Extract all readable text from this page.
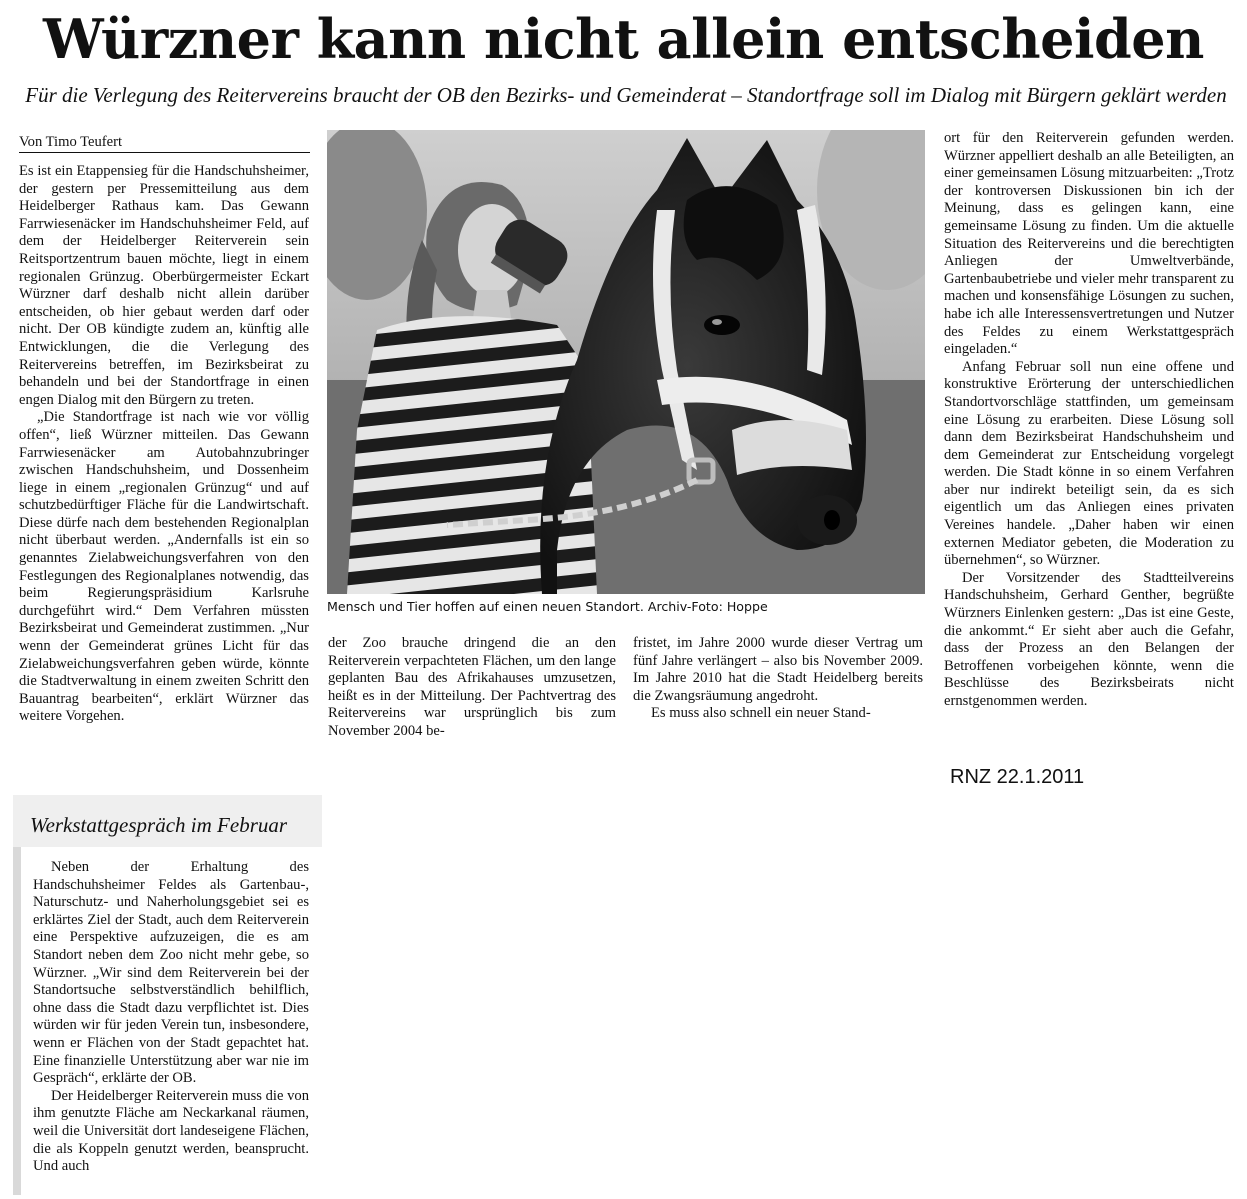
Würzner kann nicht allein entscheiden
Für die Verlegung des Reitervereins braucht der OB den Bezirks- und Gemeinderat – Standortfrage soll im Dialog mit Bürgern geklärt werden
Von Timo Teufert

Es ist ein Etappensieg für die Handschuhsheimer, der gestern per Pressemitteilung aus dem Heidelberger Rathaus kam. Das Gewann Farrwiesenäcker im Handschuhsheimer Feld, auf dem der Heidelberger Reiterverein sein Reitsportzentrum bauen möchte, liegt in einem regionalen Grünzug. Oberbürgermeister Eckart Würzner darf deshalb nicht allein darüber entscheiden, ob hier gebaut werden darf oder nicht. Der OB kündigte zudem an, künftig alle Entwicklungen, die die Verlegung des Reitervereins betreffen, im Bezirksbeirat zu behandeln und bei der Standortfrage in einen engen Dialog mit den Bürgern zu treten.

„Die Standortfrage ist nach wie vor völlig offen“, ließ Würzner mitteilen. Das Gewann Farrwiesenäcker am Autobahnzubringer zwischen Handschuhsheim, und Dossenheim liege in einem „regionalen Grünzug“ und auf schutzbedürftiger Fläche für die Landwirtschaft. Diese dürfe nach dem bestehenden Regionalplan nicht überbaut werden. „Andernfalls ist ein so genanntes Zielabweichungsverfahren von den Festlegungen des Regionalplanes notwendig, das beim Regierungspräsidium Karlsruhe durchgeführt wird.“ Dem Verfahren müssten Bezirksbeirat und Gemeinderat zustimmen. „Nur wenn der Gemeinderat grünes Licht für das Zielabweichungsverfahren geben würde, könnte die Stadtverwaltung in einem zweiten Schritt den Bauantrag bearbeiten“, erklärt Würzner das weitere Vorgehen.

Werkstattgespräch im Februar

Neben der Erhaltung des Handschuhsheimer Feldes als Gartenbau-, Naturschutz- und Naherholungsgebiet sei es erklärtes Ziel der Stadt, auch dem Reiterverein eine Perspektive aufzuzeigen, die es am Standort neben dem Zoo nicht mehr gebe, so Würzner. „Wir sind dem Reiterverein bei der Standortsuche selbstverständlich behilflich, ohne dass die Stadt dazu verpflichtet ist. Dies würden wir für jeden Verein tun, insbesondere, wenn er Flächen von der Stadt gepachtet hat. Eine finanzielle Unterstützung aber war nie im Gespräch“, erklärte der OB.

Der Heidelberger Reiterverein muss die von ihm genutzte Fläche am Neckarkanal räumen, weil die Universität dort landeseigene Flächen, die als Koppeln genutzt werden, beansprucht. Und auch

Mensch und Tier hoffen auf einen neuen Standort. Archiv-Foto: Hoppe

der Zoo brauche dringend die an den Reiterverein verpachteten Flächen, um den lange geplanten Bau des Afrikahauses umzusetzen, heißt es in der Mitteilung. Der Pachtvertrag des Reitervereins war ursprünglich bis zum November 2004 be-

fristet, im Jahre 2000 wurde dieser Vertrag um fünf Jahre verlängert – also bis November 2009. Im Jahre 2010 hat die Stadt Heidelberg bereits die Zwangsräumung angedroht.

Es muss also schnell ein neuer Stand-

ort für den Reiterverein gefunden werden. Würzner appelliert deshalb an alle Beteiligten, an einer gemeinsamen Lösung mitzuarbeiten: „Trotz der kontroversen Diskussionen bin ich der Meinung, dass es gelingen kann, eine gemeinsame Lösung zu finden. Um die aktuelle Situation des Reitervereins und die berechtigten Anliegen der Umweltverbände, Gartenbaubetriebe und vieler mehr transparent zu machen und konsensfähige Lösungen zu suchen, habe ich alle Interessensvertretungen und Nutzer des Feldes zu einem Werkstattgespräch eingeladen.“

Anfang Februar soll nun eine offene und konstruktive Erörterung der unterschiedlichen Standortvorschläge stattfinden, um gemeinsam eine Lösung zu erarbeiten. Diese Lösung soll dann dem Bezirksbeirat Handschuhsheim und dem Gemeinderat zur Entscheidung vorgelegt werden. Die Stadt könne in so einem Verfahren aber nur indirekt beteiligt sein, da es sich eigentlich um das Anliegen eines privaten Vereines handele. „Daher haben wir einen externen Mediator gebeten, die Moderation zu übernehmen“, so Würzner.

Der Vorsitzender des Stadtteilvereins Handschuhsheim, Gerhard Genther, begrüßte Würzners Einlenken gestern: „Das ist eine Geste, die ankommt.“ Er sieht aber auch die Gefahr, dass der Prozess an den Belangen der Betroffenen vorbeigehen könnte, wenn die Beschlüsse des Bezirksbeirats nicht ernstgenommen werden.

RNZ 22.1.2011
